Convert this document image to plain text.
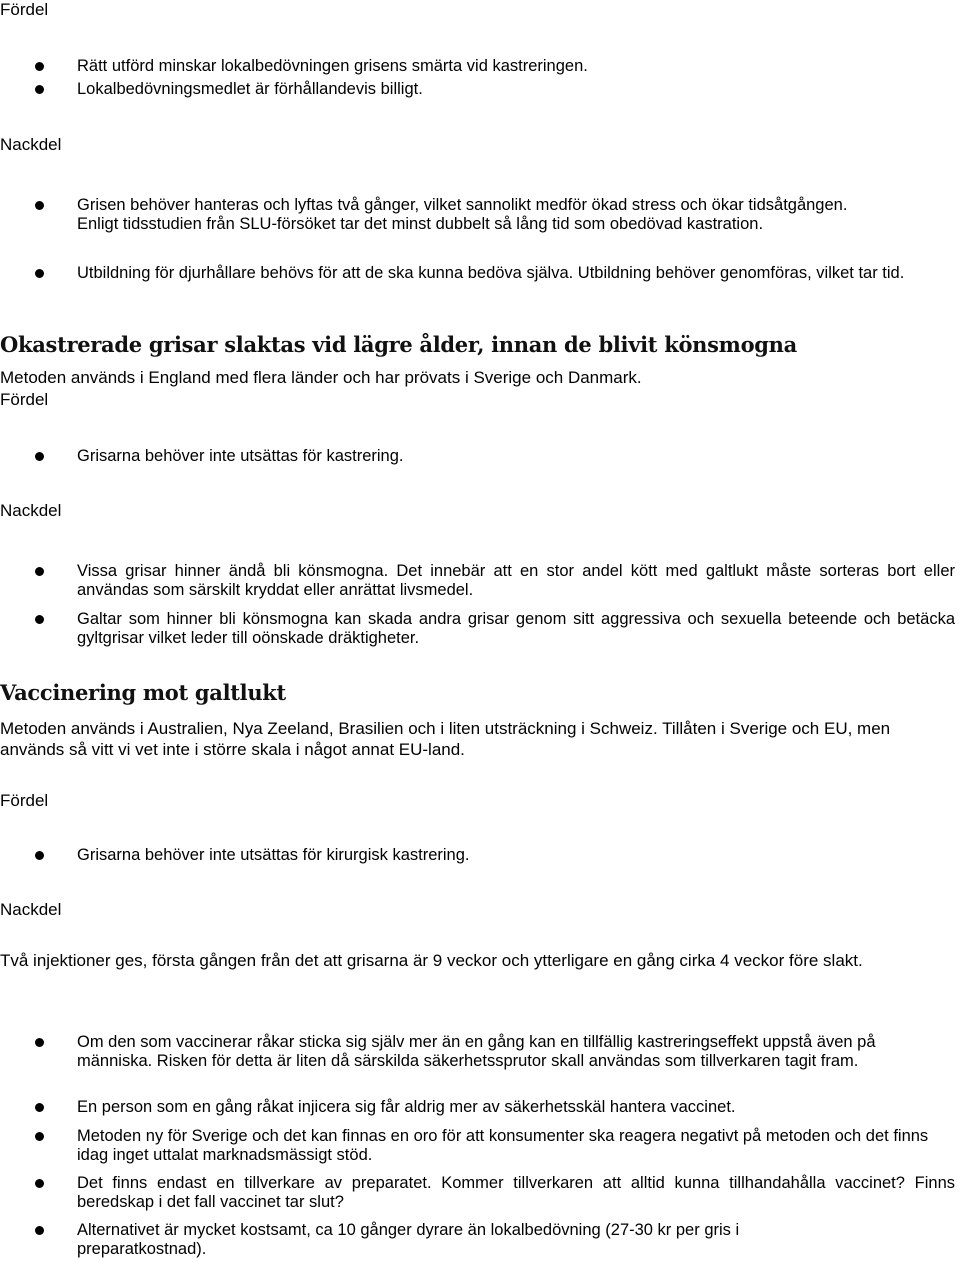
Fördel
Rätt utförd minskar lokalbedövningen grisens smärta vid kastreringen.
Lokalbedövningsmedlet är förhållandevis billigt.
Nackdel
Grisen behöver hanteras och lyftas två gånger, vilket sannolikt medför ökad stress och ökar tidsåtgången. Enligt tidsstudien från SLU-försöket tar det minst dubbelt så lång tid som obedövad kastration.
Utbildning för djurhållare behövs för att de ska kunna bedöva själva. Utbildning behöver genomföras, vilket tar tid.
Okastrerade grisar slaktas vid lägre ålder, innan de blivit könsmogna
Metoden används i England med flera länder och har prövats i Sverige och Danmark.
Fördel
Grisarna behöver inte utsättas för kastrering.
Nackdel
Vissa grisar hinner ändå bli könsmogna. Det innebär att en stor andel kött med galtlukt måste sorteras bort eller användas som särskilt kryddat eller anrättat livsmedel.
Galtar som hinner bli könsmogna kan skada andra grisar genom sitt aggressiva och sexuella beteende och betäcka gyltgrisar vilket leder till oönskade dräktigheter.
Vaccinering mot galtlukt
Metoden används i Australien, Nya Zeeland, Brasilien och i liten utsträckning i Schweiz. Tillåten i Sverige och EU, men används så vitt vi vet inte i större skala i något annat EU-land.
Fördel
Grisarna behöver inte utsättas för kirurgisk kastrering.
Nackdel
Två injektioner ges, första gången från det att grisarna är 9 veckor och ytterligare en gång cirka 4 veckor före slakt.
Om den som vaccinerar råkar sticka sig själv mer än en gång kan en tillfällig kastreringseffekt uppstå även på människa. Risken för detta är liten då särskilda säkerhetssprutor skall användas som tillverkaren tagit fram.
En person som en gång råkat injicera sig får aldrig mer av säkerhetsskäl hantera vaccinet.
Metoden ny för Sverige och det kan finnas en oro för att konsumenter ska reagera negativt på metoden och det finns idag inget uttalat marknadsmässigt stöd.
Det finns endast en tillverkare av preparatet. Kommer tillverkaren att alltid kunna tillhandahålla vaccinet? Finns beredskap i det fall vaccinet tar slut?
Alternativet är mycket kostsamt, ca 10 gånger dyrare än lokalbedövning (27-30 kr per gris i preparatkostnad).
